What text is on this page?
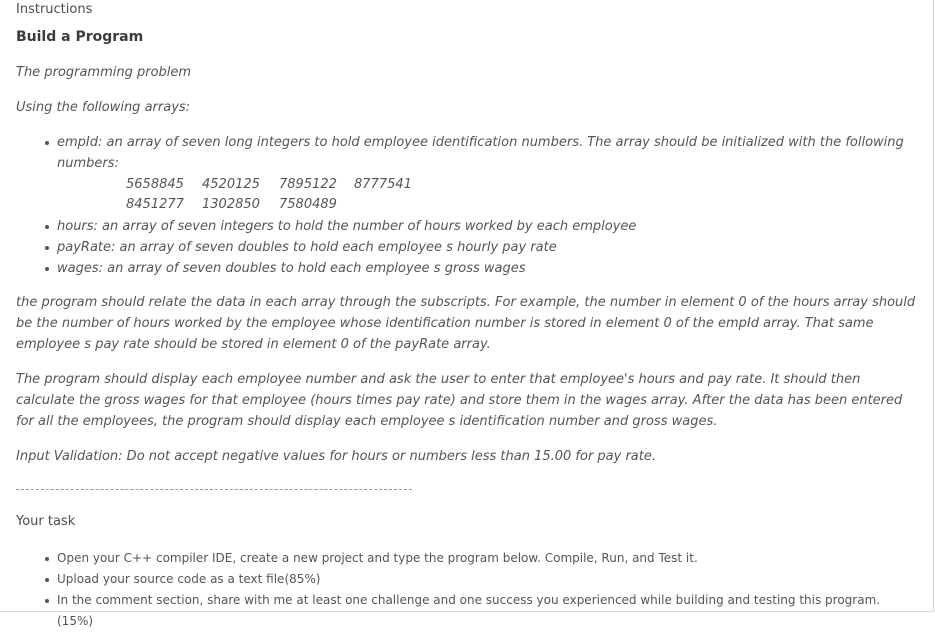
Instructions

Build a Program

The programming problem

Using the following arrays:

empId: an array of seven long integers to hold employee identification numbers. The array should be initialized with the following numbers:
5658845 4520125 7895122 8777541
8451277 1302850 7580489
hours: an array of seven integers to hold the number of hours worked by each employee
payRate: an array of seven doubles to hold each employee s hourly pay rate
wages: an array of seven doubles to hold each employee s gross wages

the program should relate the data in each array through the subscripts. For example, the number in element 0 of the hours array should be the number of hours worked by the employee whose identification number is stored in element 0 of the empId array. That same employee s pay rate should be stored in element 0 of the payRate array.

The program should display each employee number and ask the user to enter that employee's hours and pay rate. It should then calculate the gross wages for that employee (hours times pay rate) and store them in the wages array. After the data has been entered for all the employees, the program should display each employee s identification number and gross wages.

Input Validation: Do not accept negative values for hours or numbers less than 15.00 for pay rate.

Your task

Open your C++ compiler IDE, create a new project and type the program below. Compile, Run, and Test it.
Upload your source code as a text file(85%)
In the comment section, share with me at least one challenge and one success you experienced while building and testing this program. (15%)
